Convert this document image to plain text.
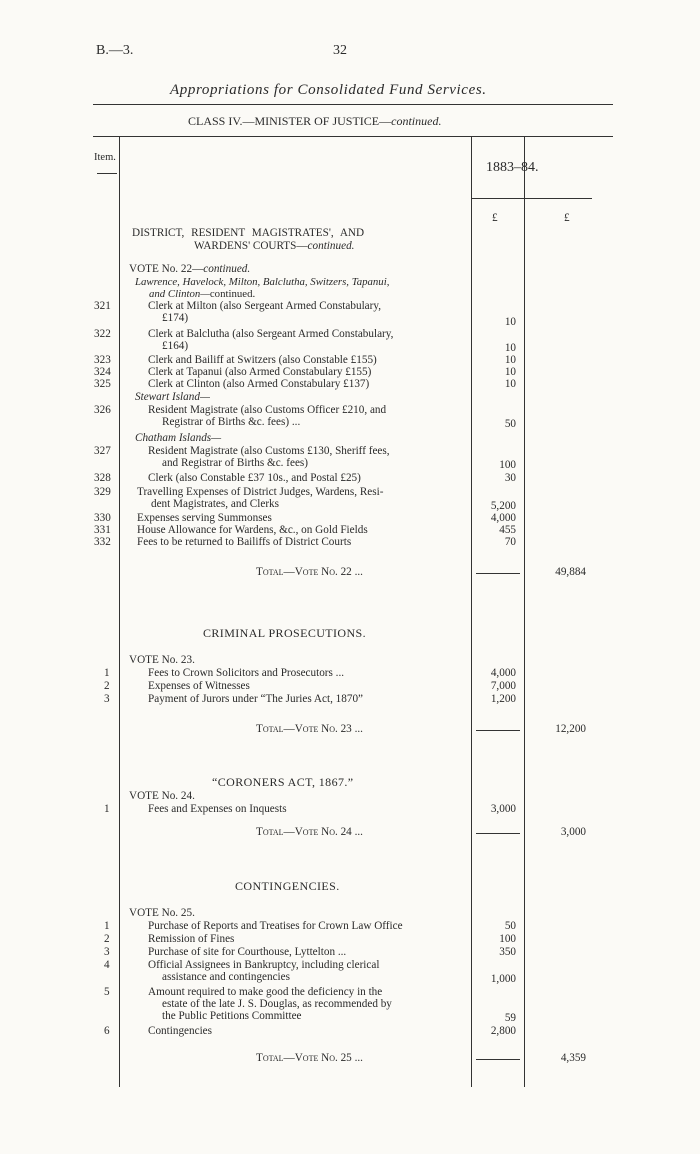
B.—3.	32
Appropriations for Consolidated Fund Services.
CLASS IV.—MINISTER OF JUSTICE—continued.
Item.
1883–84.
£	£
DISTRICT, RESIDENT MAGISTRATES', AND
WARDENS' COURTS—continued.
VOTE No. 22—continued.
Lawrence, Havelock, Milton, Balclutha, Switzers, Tapanui,
and Clinton—continued.
321	Clerk at Milton (also Sergeant Armed Constabulary,
£174)	10
322	Clerk at Balclutha (also Sergeant Armed Constabulary,
£164)	10
323	Clerk and Bailiff at Switzers (also Constable £155)	10
324	Clerk at Tapanui (also Armed Constabulary £155)	10
325	Clerk at Clinton (also Armed Constabulary £137)	10
Stewart Island—
326	Resident Magistrate (also Customs Officer £210, and
Registrar of Births &c. fees) ...	50
Chatham Islands—
327	Resident Magistrate (also Customs £130, Sheriff fees,
and Registrar of Births &c. fees)	100
328	Clerk (also Constable £37 10s., and Postal £25)	30
329 Travelling Expenses of District Judges, Wardens, Resi-
dent Magistrates, and Clerks	5,200
330 Expenses serving Summonses	4,000
331 House Allowance for Wardens, &c., on Gold Fields	455
332 Fees to be returned to Bailiffs of District Courts	70
Total—Vote No. 22 ...	49,884
CRIMINAL PROSECUTIONS.
VOTE No. 23.
1	Fees to Crown Solicitors and Prosecutors ...	4,000
2	Expenses of Witnesses	7,000
3	Payment of Jurors under “The Juries Act, 1870”	1,200
Total—Vote No. 23 ...	12,200
“CORONERS ACT, 1867.”
VOTE No. 24.
1	Fees and Expenses on Inquests	3,000
Total—Vote No. 24 ...	3,000
CONTINGENCIES.
VOTE No. 25.
1	Purchase of Reports and Treatises for Crown Law Office	50
2	Remission of Fines	100
3	Purchase of site for Courthouse, Lyttelton ...	350
4	Official Assignees in Bankruptcy, including clerical
assistance and contingencies	1,000
5	Amount required to make good the deficiency in the
estate of the late J. S. Douglas, as recommended by
the Public Petitions Committee	59
6	Contingencies	2,800
Total—Vote No. 25 ...	4,359
